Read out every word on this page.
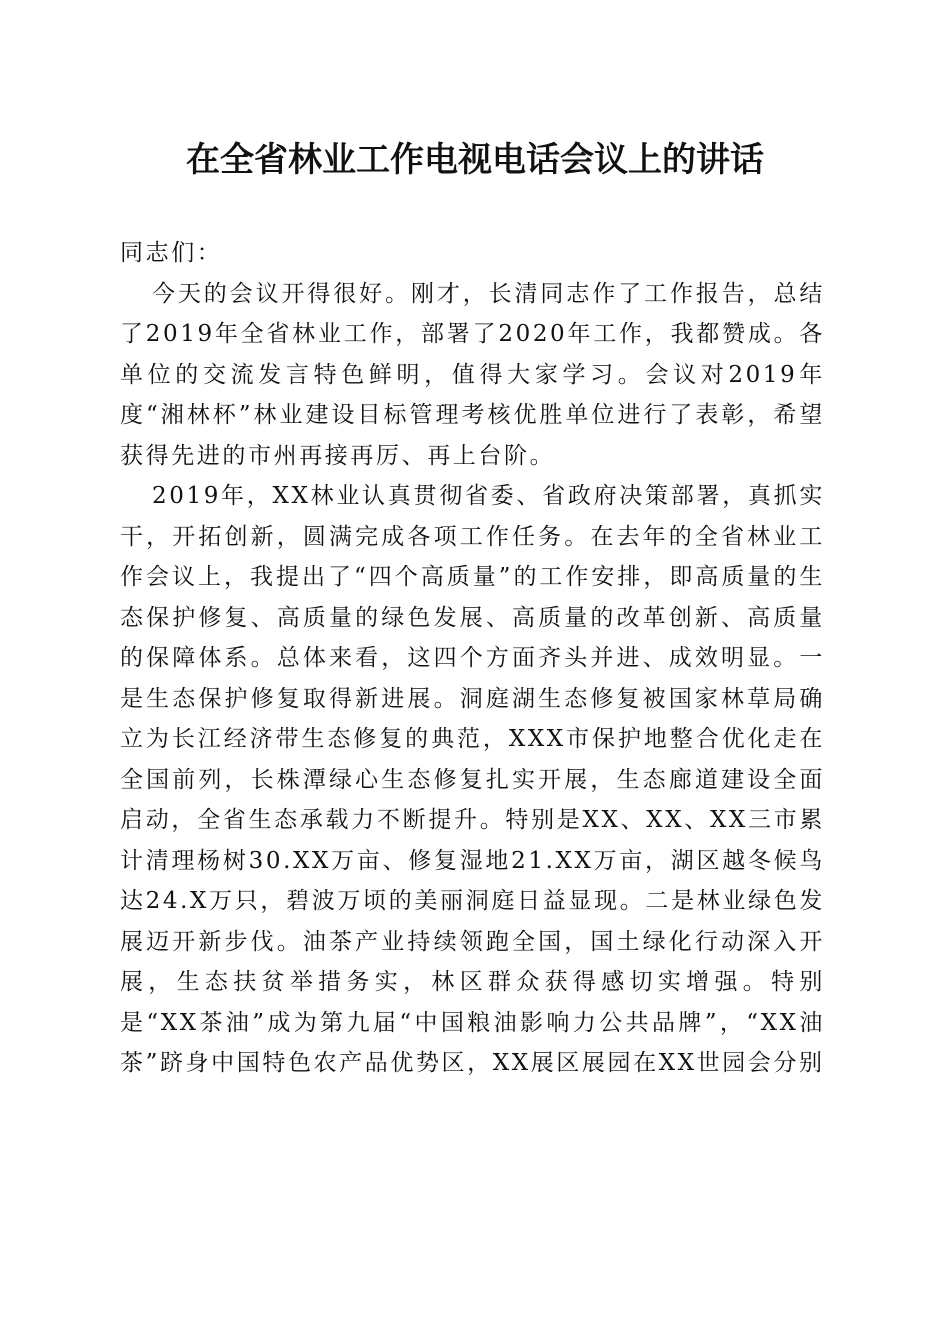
在全省林业工作电视电话会议上的讲话

同志们：

今天的会议开得很好。刚才，长清同志作了工作报告，总结了2019年全省林业工作，部署了2020年工作，我都赞成。各单位的交流发言特色鲜明，值得大家学习。会议对2019年度“湘林杯”林业建设目标管理考核优胜单位进行了表彰，希望获得先进的市州再接再厉、再上台阶。

2019年，XX林业认真贯彻省委、省政府决策部署，真抓实干，开拓创新，圆满完成各项工作任务。在去年的全省林业工作会议上，我提出了“四个高质量”的工作安排，即高质量的生态保护修复、高质量的绿色发展、高质量的改革创新、高质量的保障体系。总体来看，这四个方面齐头并进、成效明显。一是生态保护修复取得新进展。洞庭湖生态修复被国家林草局确立为长江经济带生态修复的典范，XXX市保护地整合优化走在全国前列，长株潭绿心生态修复扎实开展，生态廊道建设全面启动，全省生态承载力不断提升。特别是XX、XX、XX三市累计清理杨树30.XX万亩、修复湿地21.XX万亩，湖区越冬候鸟达24.X万只，碧波万顷的美丽洞庭日益显现。二是林业绿色发展迈开新步伐。油茶产业持续领跑全国，国土绿化行动深入开展，生态扶贫举措务实，林区群众获得感切实增强。特别是“XX茶油”成为第九届“中国粮油影响力公共品牌”，“XX油茶”跻身中国特色农产品优势区，XX展区展园在XX世园会分别
